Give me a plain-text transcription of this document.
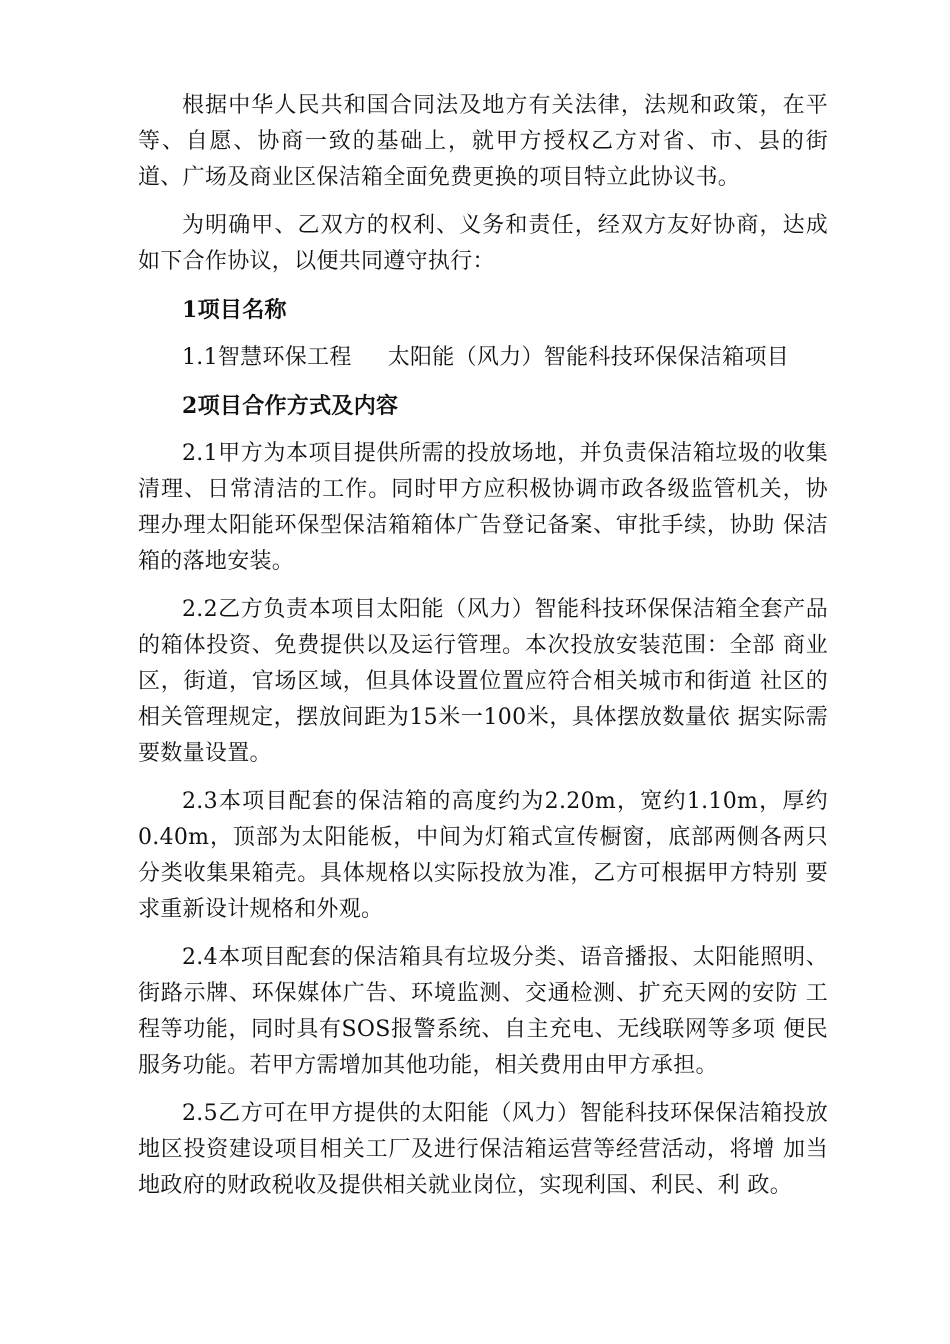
根据中华人民共和国合同法及地方有关法律，法规和政策，在平等、自愿、协商一致的基础上，就甲方授权乙方对省、市、县的街道、广场及商业区保洁箱全面免费更换的项目特立此协议书。

为明确甲、乙双方的权利、义务和责任，经双方友好协商，达成如下合作协议，以便共同遵守执行：

1项目名称

1.1智慧环保工程 太阳能（风力）智能科技环保保洁箱项目

2项目合作方式及内容

2.1甲方为本项目提供所需的投放场地，并负责保洁箱垃圾的收集清理、日常清洁的工作。同时甲方应积极协调市政各级监管机关，协理办理太阳能环保型保洁箱箱体广告登记备案、审批手续，协助 保洁箱的落地安装。

2.2乙方负责本项目太阳能（风力）智能科技环保保洁箱全套产品的箱体投资、免费提供以及运行管理。本次投放安装范围：全部 商业区，街道，官场区域，但具体设置位置应符合相关城市和街道 社区的相关管理规定，摆放间距为15米一100米，具体摆放数量依 据实际需要数量设置。

2.3本项目配套的保洁箱的高度约为2.20m，宽约1.10m，厚约0.40m，顶部为太阳能板，中间为灯箱式宣传橱窗，底部两侧各两只分类收集果箱壳。具体规格以实际投放为准，乙方可根据甲方特别 要求重新设计规格和外观。

2.4本项目配套的保洁箱具有垃圾分类、语音播报、太阳能照明、街路示牌、环保媒体广告、环境监测、交通检测、扩充天网的安防 工程等功能，同时具有SOS报警系统、自主充电、无线联网等多项 便民服务功能。若甲方需增加其他功能，相关费用由甲方承担。

2.5乙方可在甲方提供的太阳能（风力）智能科技环保保洁箱投放地区投资建设项目相关工厂及进行保洁箱运营等经营活动，将增 加当地政府的财政税收及提供相关就业岗位，实现利国、利民、利 政。
